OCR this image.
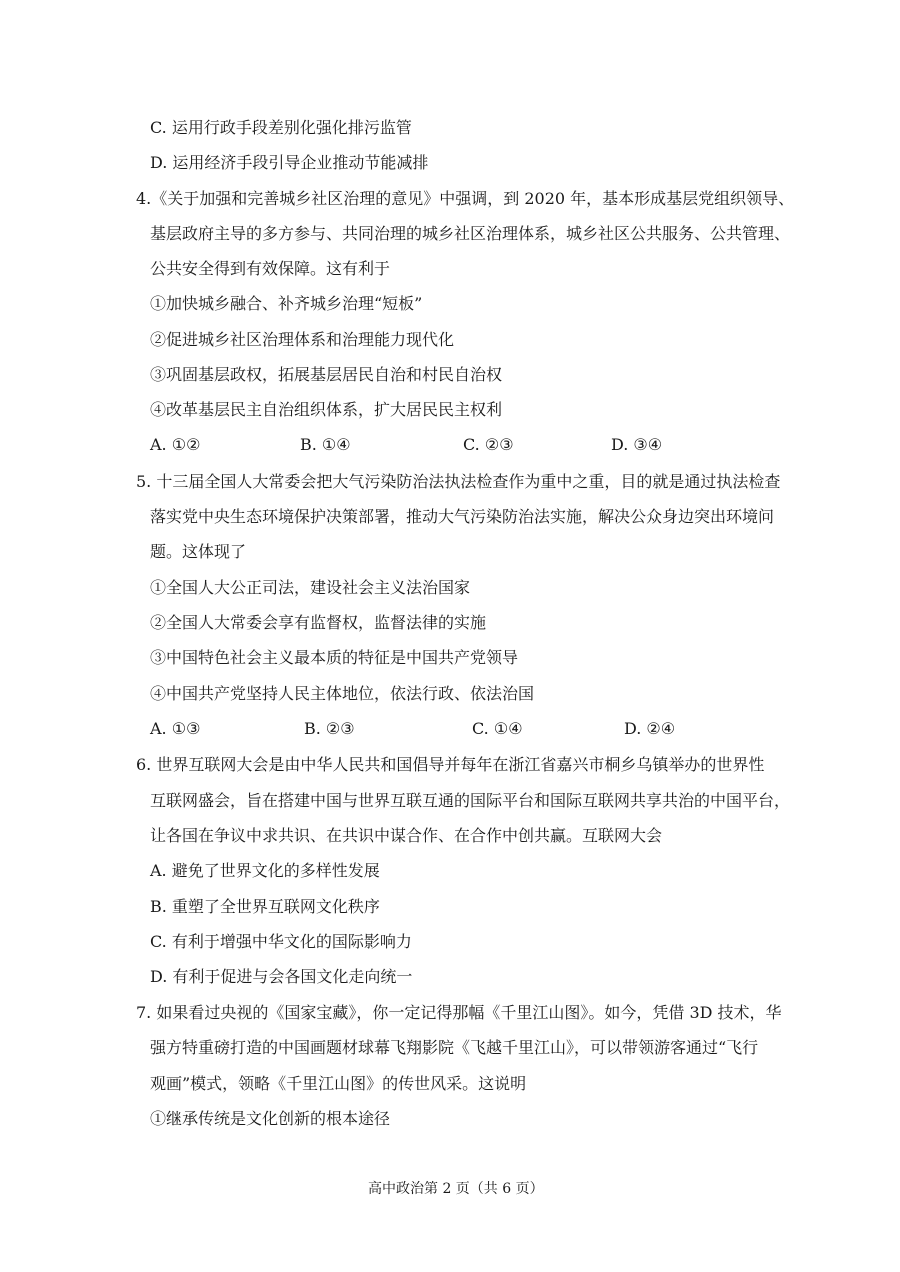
C. 运用行政手段差别化强化排污监管
D. 运用经济手段引导企业推动节能减排
4.《关于加强和完善城乡社区治理的意见》中强调，到 2020 年，基本形成基层党组织领导、
基层政府主导的多方参与、共同治理的城乡社区治理体系，城乡社区公共服务、公共管理、
公共安全得到有效保障。这有利于
①加快城乡融合、补齐城乡治理“短板”
②促进城乡社区治理体系和治理能力现代化
③巩固基层政权，拓展基层居民自治和村民自治权
④改革基层民主自治组织体系，扩大居民民主权利
A. ①②	B. ①④	C. ②③	D. ③④
5. 十三届全国人大常委会把大气污染防治法执法检查作为重中之重，目的就是通过执法检查
落实党中央生态环境保护决策部署，推动大气污染防治法实施，解决公众身边突出环境问
题。这体现了
①全国人大公正司法，建设社会主义法治国家
②全国人大常委会享有监督权，监督法律的实施
③中国特色社会主义最本质的特征是中国共产党领导
④中国共产党坚持人民主体地位，依法行政、依法治国
A. ①③	B. ②③	C. ①④	D. ②④
6. 世界互联网大会是由中华人民共和国倡导并每年在浙江省嘉兴市桐乡乌镇举办的世界性
互联网盛会，旨在搭建中国与世界互联互通的国际平台和国际互联网共享共治的中国平台，
让各国在争议中求共识、在共识中谋合作、在合作中创共赢。互联网大会
A. 避免了世界文化的多样性发展
B. 重塑了全世界互联网文化秩序
C. 有利于增强中华文化的国际影响力
D. 有利于促进与会各国文化走向统一
7. 如果看过央视的《国家宝藏》，你一定记得那幅《千里江山图》。如今，凭借 3D 技术，华
强方特重磅打造的中国画题材球幕飞翔影院《飞越千里江山》，可以带领游客通过“飞行
观画”模式，领略《千里江山图》的传世风采。这说明
①继承传统是文化创新的根本途径
高中政治第 2 页（共 6 页）
